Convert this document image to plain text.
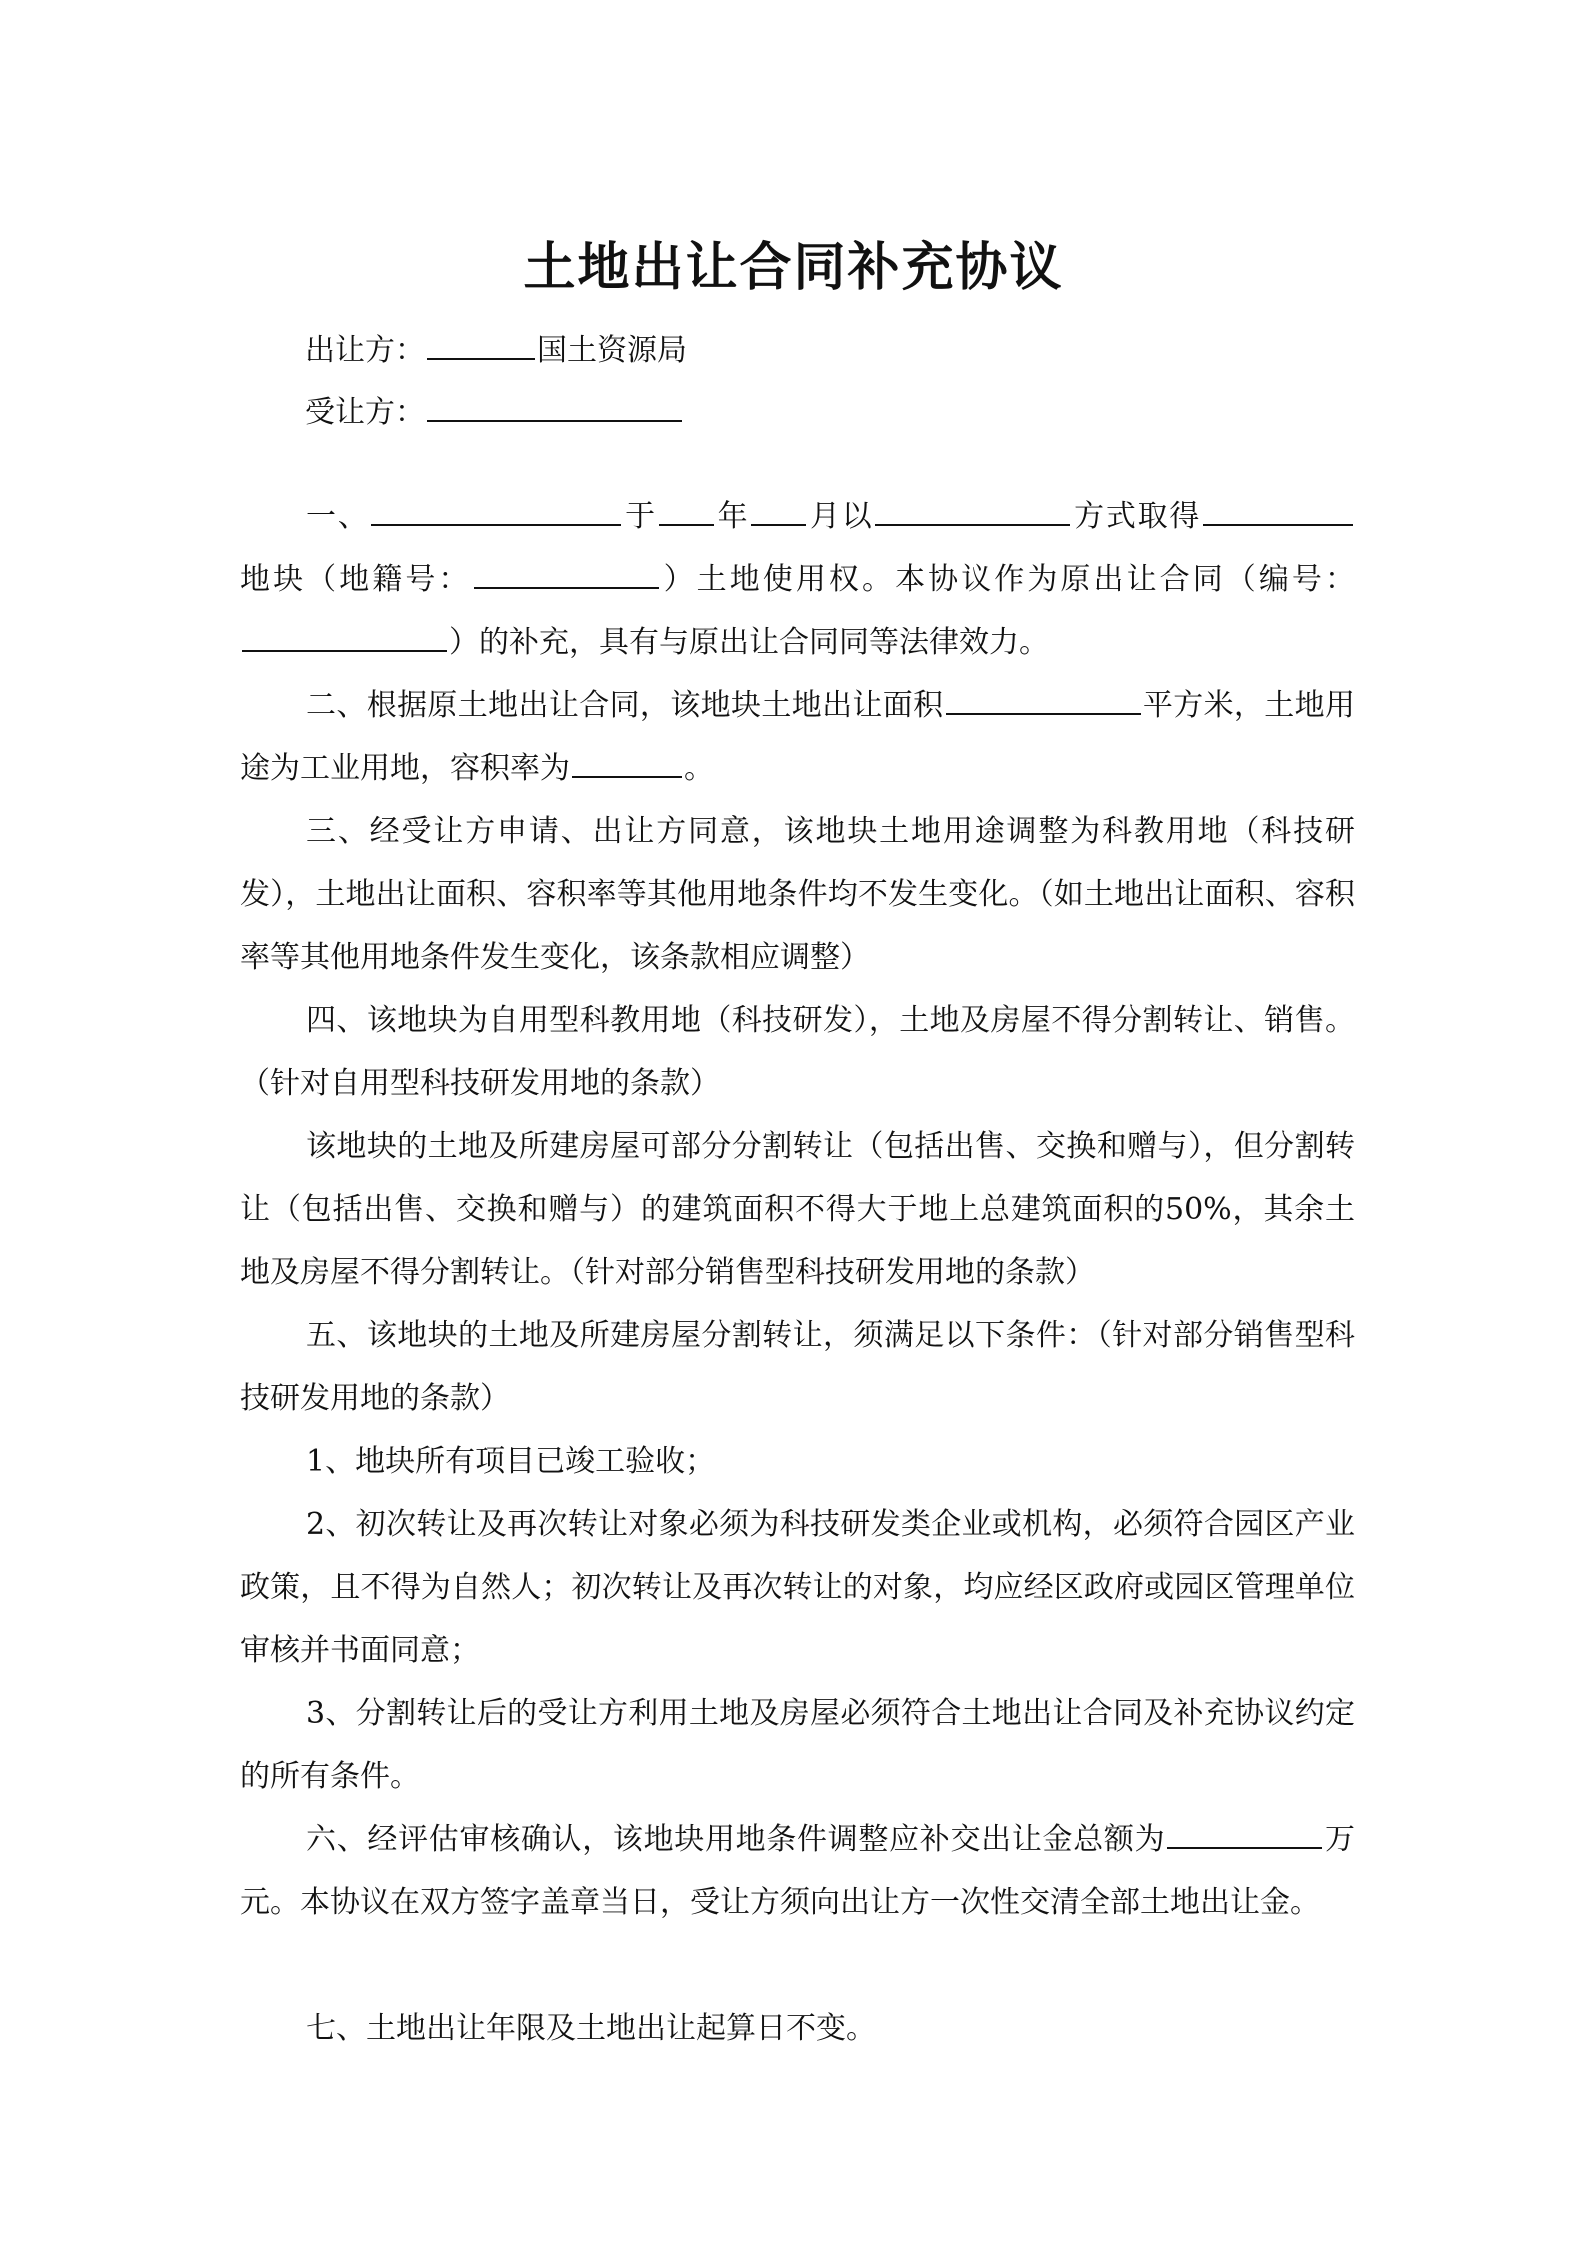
土地出让合同补充协议
出让方：	国土资源局
受让方：
一、	于 年 月以	方式取得地块（地籍号：	）土地使用权。本协议作为原出让合同（编号：）的补充，具有与原出让合同同等法律效力。
二、根据原土地出让合同，该地块土地出让面积	平方米，土地用途为工业用地，容积率为	。
三、经受让方申请、出让方同意，该地块土地用途调整为科教用地（科技研发），土地出让面积、容积率等其他用地条件均不发生变化。（如土地出让面积、容积率等其他用地条件发生变化，该条款相应调整）
四、该地块为自用型科教用地（科技研发），土地及房屋不得分割转让、销售。（针对自用型科技研发用地的条款）
该地块的土地及所建房屋可部分分割转让（包括出售、交换和赠与），但分割转让（包括出售、交换和赠与）的建筑面积不得大于地上总建筑面积的50%，其余土地及房屋不得分割转让。（针对部分销售型科技研发用地的条款）
五、该地块的土地及所建房屋分割转让，须满足以下条件：（针对部分销售型科技研发用地的条款）
1、地块所有项目已竣工验收；
2、初次转让及再次转让对象必须为科技研发类企业或机构，必须符合园区产业政策，且不得为自然人；初次转让及再次转让的对象，均应经区政府或园区管理单位审核并书面同意；
3、分割转让后的受让方利用土地及房屋必须符合土地出让合同及补充协议约定的所有条件。
六、经评估审核确认，该地块用地条件调整应补交出让金总额为	万元。本协议在双方签字盖章当日，受让方须向出让方一次性交清全部土地出让金。
七、土地出让年限及土地出让起算日不变。
